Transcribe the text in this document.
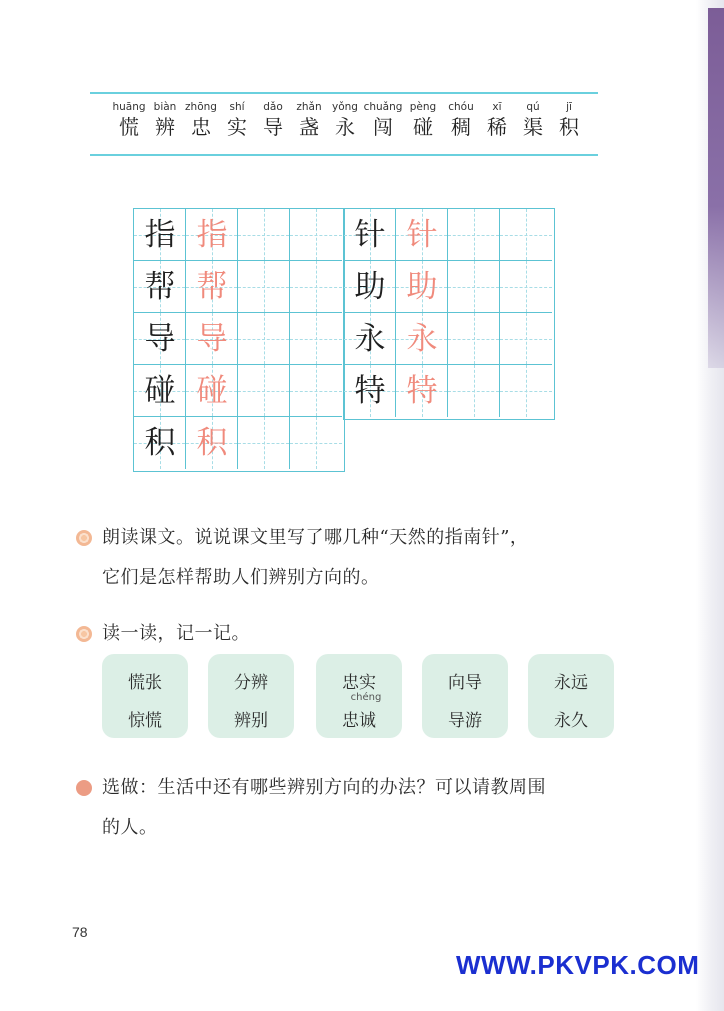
huāng
慌
biàn
辨
zhōng
忠
shí
实
dǎo
导
zhǎn
盏
yǒng
永
chuǎng
闯
pèng
碰
chóu
稠
xī
稀
qú
渠
jī
积
指 指
帮 帮
导 导
碰 碰
积 积
针 针
助 助
永 永
特 特
朗读课文。说说课文里写了哪几种“天然的指南针”，
它们是怎样帮助人们辨别方向的。
读一读，记一记。
慌张
惊慌
分辨
辨别
忠实
chéng
忠诚
向导
导游
永远
永久
选做：生活中还有哪些辨别方向的办法？可以请教周围
的人。
78
WWW.PKVPK.COM
